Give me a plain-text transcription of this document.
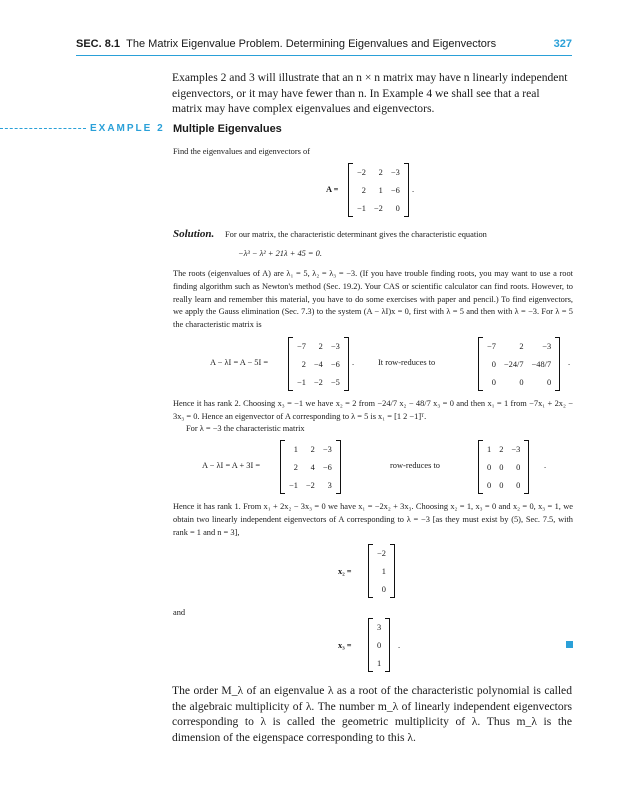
SEC. 8.1 The Matrix Eigenvalue Problem. Determining Eigenvalues and Eigenvectors	327
Examples 2 and 3 will illustrate that an n × n matrix may have n linearly independent eigenvectors, or it may have fewer than n. In Example 4 we shall see that a real matrix may have complex eigenvalues and eigenvectors.
EXAMPLE 2 Multiple Eigenvalues
Find the eigenvalues and eigenvectors of
A =
−2	2	−3
2	1	−6
−1	−2	0
.
Solution. For our matrix, the characteristic determinant gives the characteristic equation
−λ³ − λ² + 21λ + 45 = 0.
The roots (eigenvalues of A) are λ₁ = 5, λ₂ = λ₃ = −3. (If you have trouble finding roots, you may want to use a root finding algorithm such as Newton's method (Sec. 19.2). Your CAS or scientific calculator can find roots. However, to really learn and remember this material, you have to do some exercises with paper and pencil.) To find eigenvectors, we apply the Gauss elimination (Sec. 7.3) to the system (A − λI)x = 0, first with λ = 5 and then with λ = −3. For λ = 5 the characteristic matrix is
A − λI = A − 5I =
−7	2	−3
2	−4	−6
−1	−2	−5
.	It row-reduces to
−7	2	−3
0	−24/7	−48/7
0	0	0
.
Hence it has rank 2. Choosing x₃ = −1 we have x₂ = 2 from −24/7 x₂ − 48/7 x₃ = 0 and then x₁ = 1 from −7x₁ + 2x₂ − 3x₃ = 0. Hence an eigenvector of A corresponding to λ = 5 is x₁ = [1 2 −1]ᵀ.
For λ = −3 the characteristic matrix
A − λI = A + 3I =
1	2	−3
2	4	−6
−1	−2	3
row-reduces to
1	2	−3
0	0	0
0	0	0
.
Hence it has rank 1. From x₁ + 2x₂ − 3x₃ = 0 we have x₁ = −2x₂ + 3x₃. Choosing x₂ = 1, x₃ = 0 and x₂ = 0, x₃ = 1, we obtain two linearly independent eigenvectors of A corresponding to λ = −3 [as they must exist by (5), Sec. 7.5, with rank = 1 and n = 3],
x₂ =
−2
1
0
and
x₃ =
3
0
1
.
The order M_λ of an eigenvalue λ as a root of the characteristic polynomial is called the algebraic multiplicity of λ. The number m_λ of linearly independent eigenvectors corresponding to λ is called the geometric multiplicity of λ. Thus m_λ is the dimension of the eigenspace corresponding to this λ.
